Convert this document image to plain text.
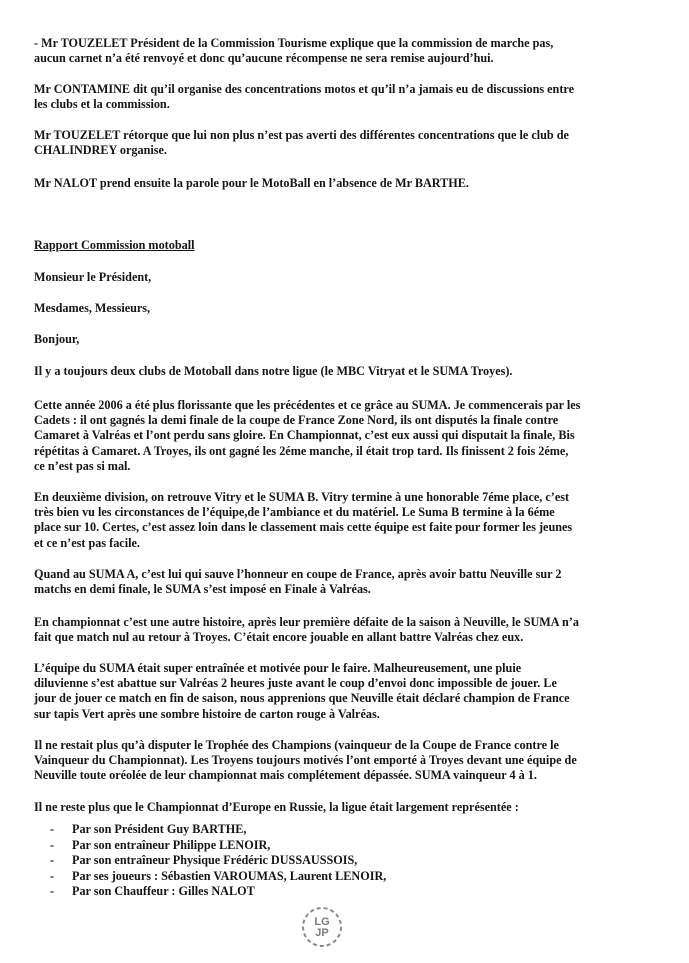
- Mr TOUZELET Président de la Commission Tourisme explique que la commission de marche pas,
aucun carnet n’a été renvoyé et donc qu’aucune récompense ne sera remise aujourd’hui.

Mr CONTAMINE dit qu’il organise des concentrations motos et qu’il n’a jamais eu de discussions entre
les clubs et la commission.

Mr TOUZELET rétorque que lui non plus n’est pas averti des différentes concentrations que le club de
CHALINDREY organise.

Mr NALOT prend ensuite la parole pour le MotoBall en l’absence de Mr BARTHE.

Rapport Commission motoball

Monsieur le Président,

Mesdames, Messieurs,

Bonjour,

Il y a toujours deux clubs de Motoball dans notre ligue (le MBC Vitryat et le SUMA Troyes).

Cette année 2006 a été plus florissante que les précédentes et ce grâce au SUMA. Je commencerais par les
Cadets : il ont gagnés la demi finale de la coupe de France Zone Nord, ils ont disputés la finale contre
Camaret à Valréas et l’ont perdu sans gloire. En Championnat, c’est eux aussi qui disputait la finale, Bis
répétitas à Camaret. A Troyes, ils ont gagné les 2éme manche, il était trop tard. Ils finissent 2 fois 2éme,
ce n’est pas si mal.

En deuxième division, on retrouve Vitry et le SUMA B. Vitry termine à une honorable 7éme place, c’est
très bien vu les circonstances de l’équipe,de l’ambiance et du matériel. Le Suma B termine à la 6éme
place sur 10. Certes, c’est assez loin dans le classement mais cette équipe est faite pour former les jeunes
et ce n’est pas facile.

Quand au SUMA A, c’est lui qui sauve l’honneur en coupe de France, après avoir battu Neuville sur 2
matchs en demi finale, le SUMA s’est imposé en Finale à Valréas.

En championnat c’est une autre histoire, après leur première défaite de la saison à Neuville, le SUMA n’a
fait que match nul au retour à Troyes. C’était encore jouable en allant battre Valréas chez eux.

L’équipe du SUMA était super entraînée et motivée pour le faire. Malheureusement, une pluie
diluvienne s’est abattue sur Valréas 2 heures juste avant le coup d’envoi donc impossible de jouer. Le
jour de jouer ce match en fin de saison, nous apprenions que Neuville était déclaré champion de France
sur tapis Vert après une sombre histoire de carton rouge à Valréas.

Il ne restait plus qu’à disputer le Trophée des Champions (vainqueur de la Coupe de France contre le
Vainqueur du Championnat). Les Troyens toujours motivés l’ont emporté à Troyes devant une équipe de
Neuville toute oréolée de leur championnat mais complétement dépassée. SUMA vainqueur 4 à 1.

Il ne reste plus que le Championnat d’Europe en Russie, la ligue était largement représentée :

- Par son Président Guy BARTHE,
- Par son entraîneur Philippe LENOIR,
- Par son entraîneur Physique Frédéric DUSSAUSSOIS,
- Par ses joueurs : Sébastien VAROUMAS, Laurent LENOIR,
- Par son Chauffeur : Gilles NALOT
LG
JP
